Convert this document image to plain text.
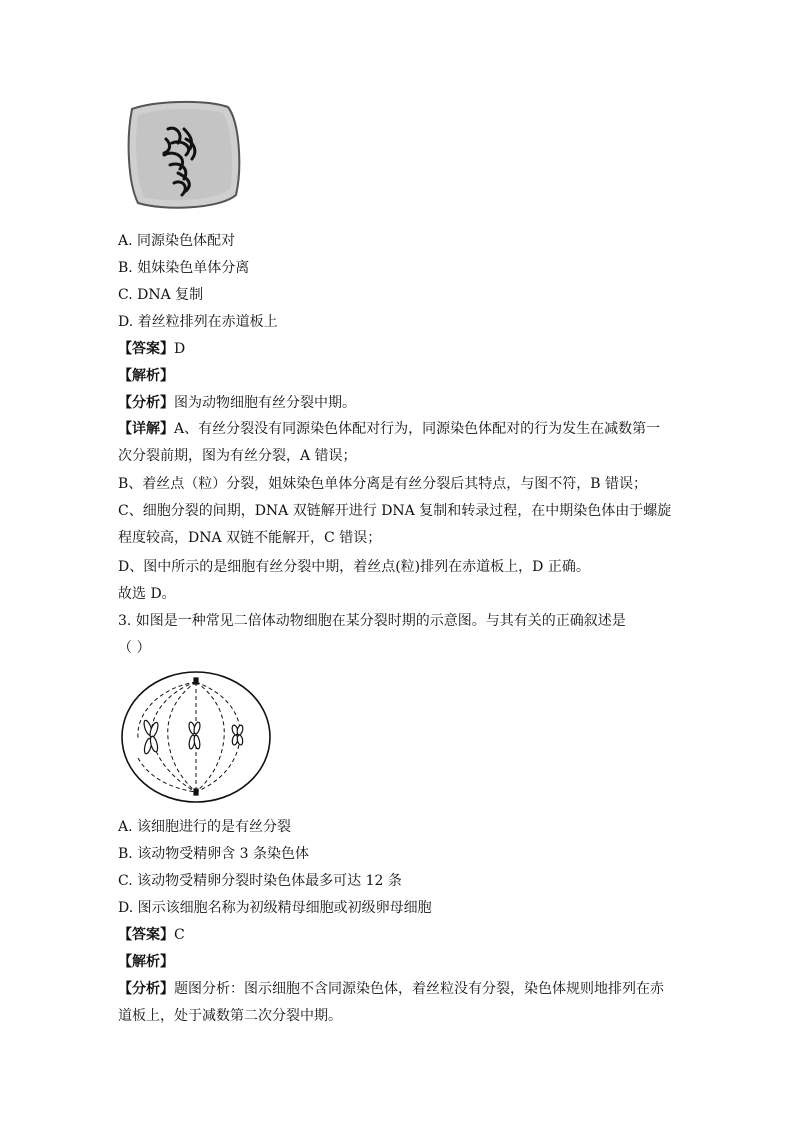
A. 同源染色体配对
B. 姐妹染色单体分离
C. DNA 复制
D. 着丝粒排列在赤道板上
【答案】D
【解析】
【分析】图为动物细胞有丝分裂中期。
【详解】A、有丝分裂没有同源染色体配对行为，同源染色体配对的行为发生在减数第一次分裂前期，图为有丝分裂，A 错误；
B、着丝点（粒）分裂，姐妹染色单体分离是有丝分裂后其特点，与图不符，B 错误；
C、细胞分裂的间期，DNA 双链解开进行 DNA 复制和转录过程，在中期染色体由于螺旋程度较高，DNA 双链不能解开，C 错误；
D、图中所示的是细胞有丝分裂中期，着丝点(粒)排列在赤道板上，D 正确。
故选 D。
3. 如图是一种常见二倍体动物细胞在某分裂时期的示意图。与其有关的正确叙述是
（ ）
A. 该细胞进行的是有丝分裂
B. 该动物受精卵含 3 条染色体
C. 该动物受精卵分裂时染色体最多可达 12 条
D. 图示该细胞名称为初级精母细胞或初级卵母细胞
【答案】C
【解析】
【分析】题图分析：图示细胞不含同源染色体，着丝粒没有分裂，染色体规则地排列在赤道板上，处于减数第二次分裂中期。
